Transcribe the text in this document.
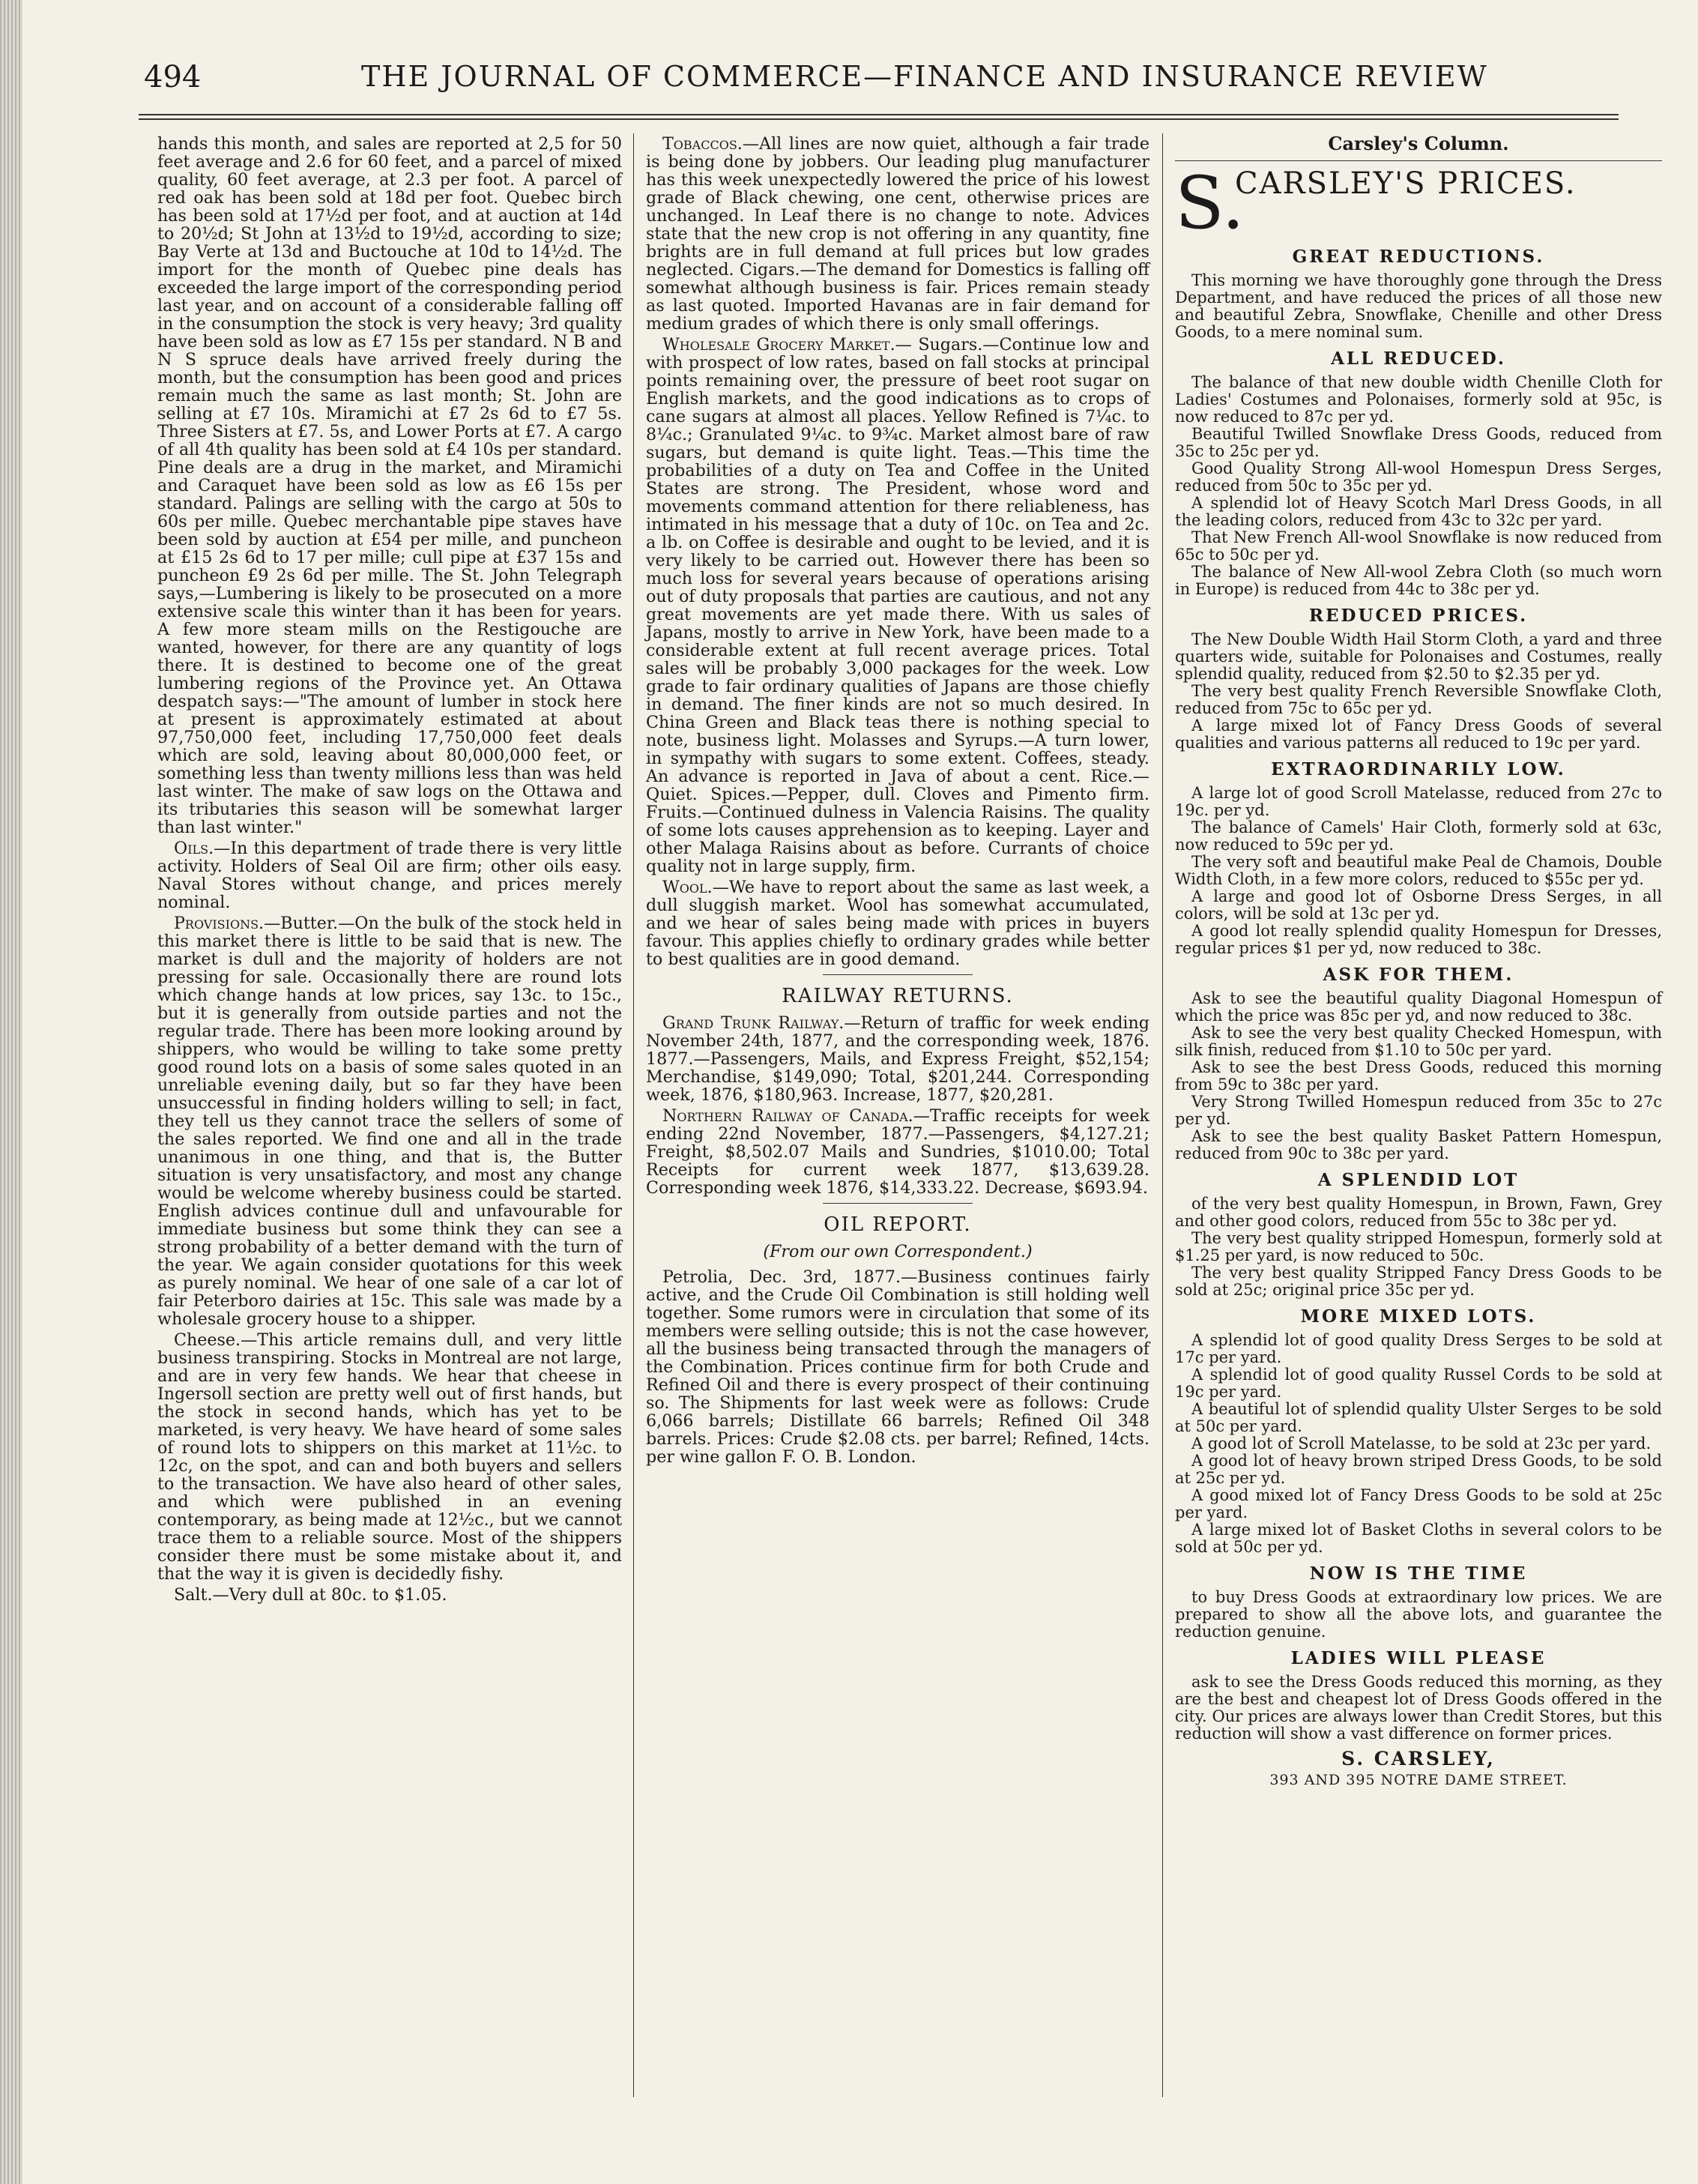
494	THE JOURNAL OF COMMERCE—FINANCE AND INSURANCE REVIEW

hands this month, and sales are reported at 2,5 for 50 feet average and 2.6 for 60 feet, and a parcel of mixed quality, 60 feet average, at 2.3 per foot. A parcel of red oak has been sold at 18d per foot. Quebec birch has been sold at 17½d per foot, and at auction at 14d to 20½d; St John at 13½d to 19½d, according to size; Bay Verte at 13d and Buctouche at 10d to 14½d. The import for the month of Quebec pine deals has exceeded the large import of the corresponding period last year, and on account of a considerable falling off in the consumption the stock is very heavy; 3rd quality have been sold as low as £7 15s per standard. N B and N S spruce deals have arrived freely during the month, but the consumption has been good and prices remain much the same as last month; St. John are selling at £7 10s. Miramichi at £7 2s 6d to £7 5s. Three Sisters at £7. 5s, and Lower Ports at £7. A cargo of all 4th quality has been sold at £4 10s per standard. Pine deals are a drug in the market, and Miramichi and Caraquet have been sold as low as £6 15s per standard. Palings are selling with the cargo at 50s to 60s per mille. Quebec merchantable pipe staves have been sold by auction at £54 per mille, and puncheon at £15 2s 6d to 17 per mille; cull pipe at £37 15s and puncheon £9 2s 6d per mille. The St. John Telegraph says,—Lumbering is likely to be prosecuted on a more extensive scale this winter than it has been for years. A few more steam mills on the Restigouche are wanted, however, for there are any quantity of logs there. It is destined to become one of the great lumbering regions of the Province yet. An Ottawa despatch says:—"The amount of lumber in stock here at present is approximately estimated at about 97,750,000 feet, including 17,750,000 feet deals which are sold, leaving about 80,000,000 feet, or something less than twenty millions less than was held last winter. The make of saw logs on the Ottawa and its tributaries this season will be somewhat larger than last winter."

Oils.—In this department of trade there is very little activity. Holders of Seal Oil are firm; other oils easy. Naval Stores without change, and prices merely nominal.

Provisions.—Butter.—On the bulk of the stock held in this market there is little to be said that is new. The market is dull and the majority of holders are not pressing for sale. Occasionally there are round lots which change hands at low prices, say 13c. to 15c., but it is generally from outside parties and not the regular trade. There has been more looking around by shippers, who would be willing to take some pretty good round lots on a basis of some sales quoted in an unreliable evening daily, but so far they have been unsuccessful in finding holders willing to sell; in fact, they tell us they cannot trace the sellers of some of the sales reported. We find one and all in the trade unanimous in one thing, and that is, the Butter situation is very unsatisfactory, and most any change would be welcome whereby business could be started. English advices continue dull and unfavourable for immediate business but some think they can see a strong probability of a better demand with the turn of the year. We again consider quotations for this week as purely nominal. We hear of one sale of a car lot of fair Peterboro dairies at 15c. This sale was made by a wholesale grocery house to a shipper.

Cheese.—This article remains dull, and very little business transpiring. Stocks in Montreal are not large, and are in very few hands. We hear that cheese in Ingersoll section are pretty well out of first hands, but the stock in second hands, which has yet to be marketed, is very heavy. We have heard of some sales of round lots to shippers on this market at 11½c. to 12c, on the spot, and can and both buyers and sellers to the transaction. We have also heard of other sales, and which were published in an evening contemporary, as being made at 12½c., but we cannot trace them to a reliable source. Most of the shippers consider there must be some mistake about it, and that the way it is given is decidedly fishy.

Salt.—Very dull at 80c. to $1.05.

Tobaccos.—All lines are now quiet, although a fair trade is being done by jobbers. Our leading plug manufacturer has this week unexpectedly lowered the price of his lowest grade of Black chewing, one cent, otherwise prices are unchanged. In Leaf there is no change to note. Advices state that the new crop is not offering in any quantity, fine brights are in full demand at full prices but low grades neglected. Cigars.—The demand for Domestics is falling off somewhat although business is fair. Prices remain steady as last quoted. Imported Havanas are in fair demand for medium grades of which there is only small offerings.

Wholesale Grocery Market.— Sugars.—Continue low and with prospect of low rates, based on fall stocks at principal points remaining over, the pressure of beet root sugar on English markets, and the good indications as to crops of cane sugars at almost all places. Yellow Refined is 7¼c. to 8¼c.; Granulated 9¼c. to 9¾c. Market almost bare of raw sugars, but demand is quite light. Teas.—This time the probabilities of a duty on Tea and Coffee in the United States are strong. The President, whose word and movements command attention for there reliableness, has intimated in his message that a duty of 10c. on Tea and 2c. a lb. on Coffee is desirable and ought to be levied, and it is very likely to be carried out. However there has been so much loss for several years because of operations arising out of duty proposals that parties are cautious, and not any great movements are yet made there. With us sales of Japans, mostly to arrive in New York, have been made to a considerable extent at full recent average prices. Total sales will be probably 3,000 packages for the week. Low grade to fair ordinary qualities of Japans are those chiefly in demand. The finer kinds are not so much desired. In China Green and Black teas there is nothing special to note, business light. Molasses and Syrups.—A turn lower, in sympathy with sugars to some extent. Coffees, steady. An advance is reported in Java of about a cent. Rice.—Quiet. Spices.—Pepper, dull. Cloves and Pimento firm. Fruits.—Continued dulness in Valencia Raisins. The quality of some lots causes apprehension as to keeping. Layer and other Malaga Raisins about as before. Currants of choice quality not in large supply, firm.

Wool.—We have to report about the same as last week, a dull sluggish market. Wool has somewhat accumulated, and we hear of sales being made with prices in buyers favour. This applies chiefly to ordinary grades while better to best qualities are in good demand.

RAILWAY RETURNS.

Grand Trunk Railway.—Return of traffic for week ending November 24th, 1877, and the corresponding week, 1876. 1877.—Passengers, Mails, and Express Freight, $52,154; Merchandise, $149,090; Total, $201,244. Corresponding week, 1876, $180,963. Increase, 1877, $20,281.

Northern Railway of Canada.—Traffic receipts for week ending 22nd November, 1877.—Passengers, $4,127.21; Freight, $8,502.07 Mails and Sundries, $1010.00; Total Receipts for current week 1877, $13,639.28. Corresponding week 1876, $14,333.22. Decrease, $693.94.

OIL REPORT.
(From our own Correspondent.)

Petrolia, Dec. 3rd, 1877.—Business continues fairly active, and the Crude Oil Combination is still holding well together. Some rumors were in circulation that some of its members were selling outside; this is not the case however, all the business being transacted through the managers of the Combination. Prices continue firm for both Crude and Refined Oil and there is every prospect of their continuing so. The Shipments for last week were as follows: Crude 6,066 barrels; Distillate 66 barrels; Refined Oil 348 barrels. Prices: Crude $2.08 cts. per barrel; Refined, 14cts. per wine gallon F. O. B. London.

Carsley's Column.
S.
CARSLEY'S PRICES.
GREAT REDUCTIONS.

This morning we have thoroughly gone through the Dress Department, and have reduced the prices of all those new and beautiful Zebra, Snowflake, Chenille and other Dress Goods, to a mere nominal sum.

ALL REDUCED.

The balance of that new double width Chenille Cloth for Ladies' Costumes and Polonaises, formerly sold at 95c, is now reduced to 87c per yd.

Beautiful Twilled Snowflake Dress Goods, reduced from 35c to 25c per yd.

Good Quality Strong All-wool Homespun Dress Serges, reduced from 50c to 35c per yd.

A splendid lot of Heavy Scotch Marl Dress Goods, in all the leading colors, reduced from 43c to 32c per yard.

That New French All-wool Snowflake is now reduced from 65c to 50c per yd.

The balance of New All-wool Zebra Cloth (so much worn in Europe) is reduced from 44c to 38c per yd.

REDUCED PRICES.

The New Double Width Hail Storm Cloth, a yard and three quarters wide, suitable for Polonaises and Costumes, really splendid quality, reduced from $2.50 to $2.35 per yd.

The very best quality French Reversible Snowflake Cloth, reduced from 75c to 65c per yd.

A large mixed lot of Fancy Dress Goods of several qualities and various patterns all reduced to 19c per yard.

EXTRAORDINARILY LOW.

A large lot of good Scroll Matelasse, reduced from 27c to 19c. per yd.

The balance of Camels' Hair Cloth, formerly sold at 63c, now reduced to 59c per yd.

The very soft and beautiful make Peal de Chamois, Double Width Cloth, in a few more colors, reduced to $55c per yd.

A large and good lot of Osborne Dress Serges, in all colors, will be sold at 13c per yd.

A good lot really splendid quality Homespun for Dresses, regular prices $1 per yd, now reduced to 38c.

ASK FOR THEM.

Ask to see the beautiful quality Diagonal Homespun of which the price was 85c per yd, and now reduced to 38c.

Ask to see the very best quality Checked Homespun, with silk finish, reduced from $1.10 to 50c per yard.

Ask to see the best Dress Goods, reduced this morning from 59c to 38c per yard.

Very Strong Twilled Homespun reduced from 35c to 27c per yd.

Ask to see the best quality Basket Pattern Homespun, reduced from 90c to 38c per yard.

A SPLENDID LOT

of the very best quality Homespun, in Brown, Fawn, Grey and other good colors, reduced from 55c to 38c per yd.

The very best quality stripped Homespun, formerly sold at $1.25 per yard, is now reduced to 50c.

The very best quality Stripped Fancy Dress Goods to be sold at 25c; original price 35c per yd.

MORE MIXED LOTS.

A splendid lot of good quality Dress Serges to be sold at 17c per yard.

A splendid lot of good quality Russel Cords to be sold at 19c per yard.

A beautiful lot of splendid quality Ulster Serges to be sold at 50c per yard.

A good lot of Scroll Matelasse, to be sold at 23c per yard.

A good lot of heavy brown striped Dress Goods, to be sold at 25c per yd.

A good mixed lot of Fancy Dress Goods to be sold at 25c per yard.

A large mixed lot of Basket Cloths in several colors to be sold at 50c per yd.

NOW IS THE TIME

to buy Dress Goods at extraordinary low prices. We are prepared to show all the above lots, and guarantee the reduction genuine.

LADIES WILL PLEASE

ask to see the Dress Goods reduced this morning, as they are the best and cheapest lot of Dress Goods offered in the city. Our prices are always lower than Credit Stores, but this reduction will show a vast difference on former prices.

S. CARSLEY,
393 AND 395 NOTRE DAME STREET.
